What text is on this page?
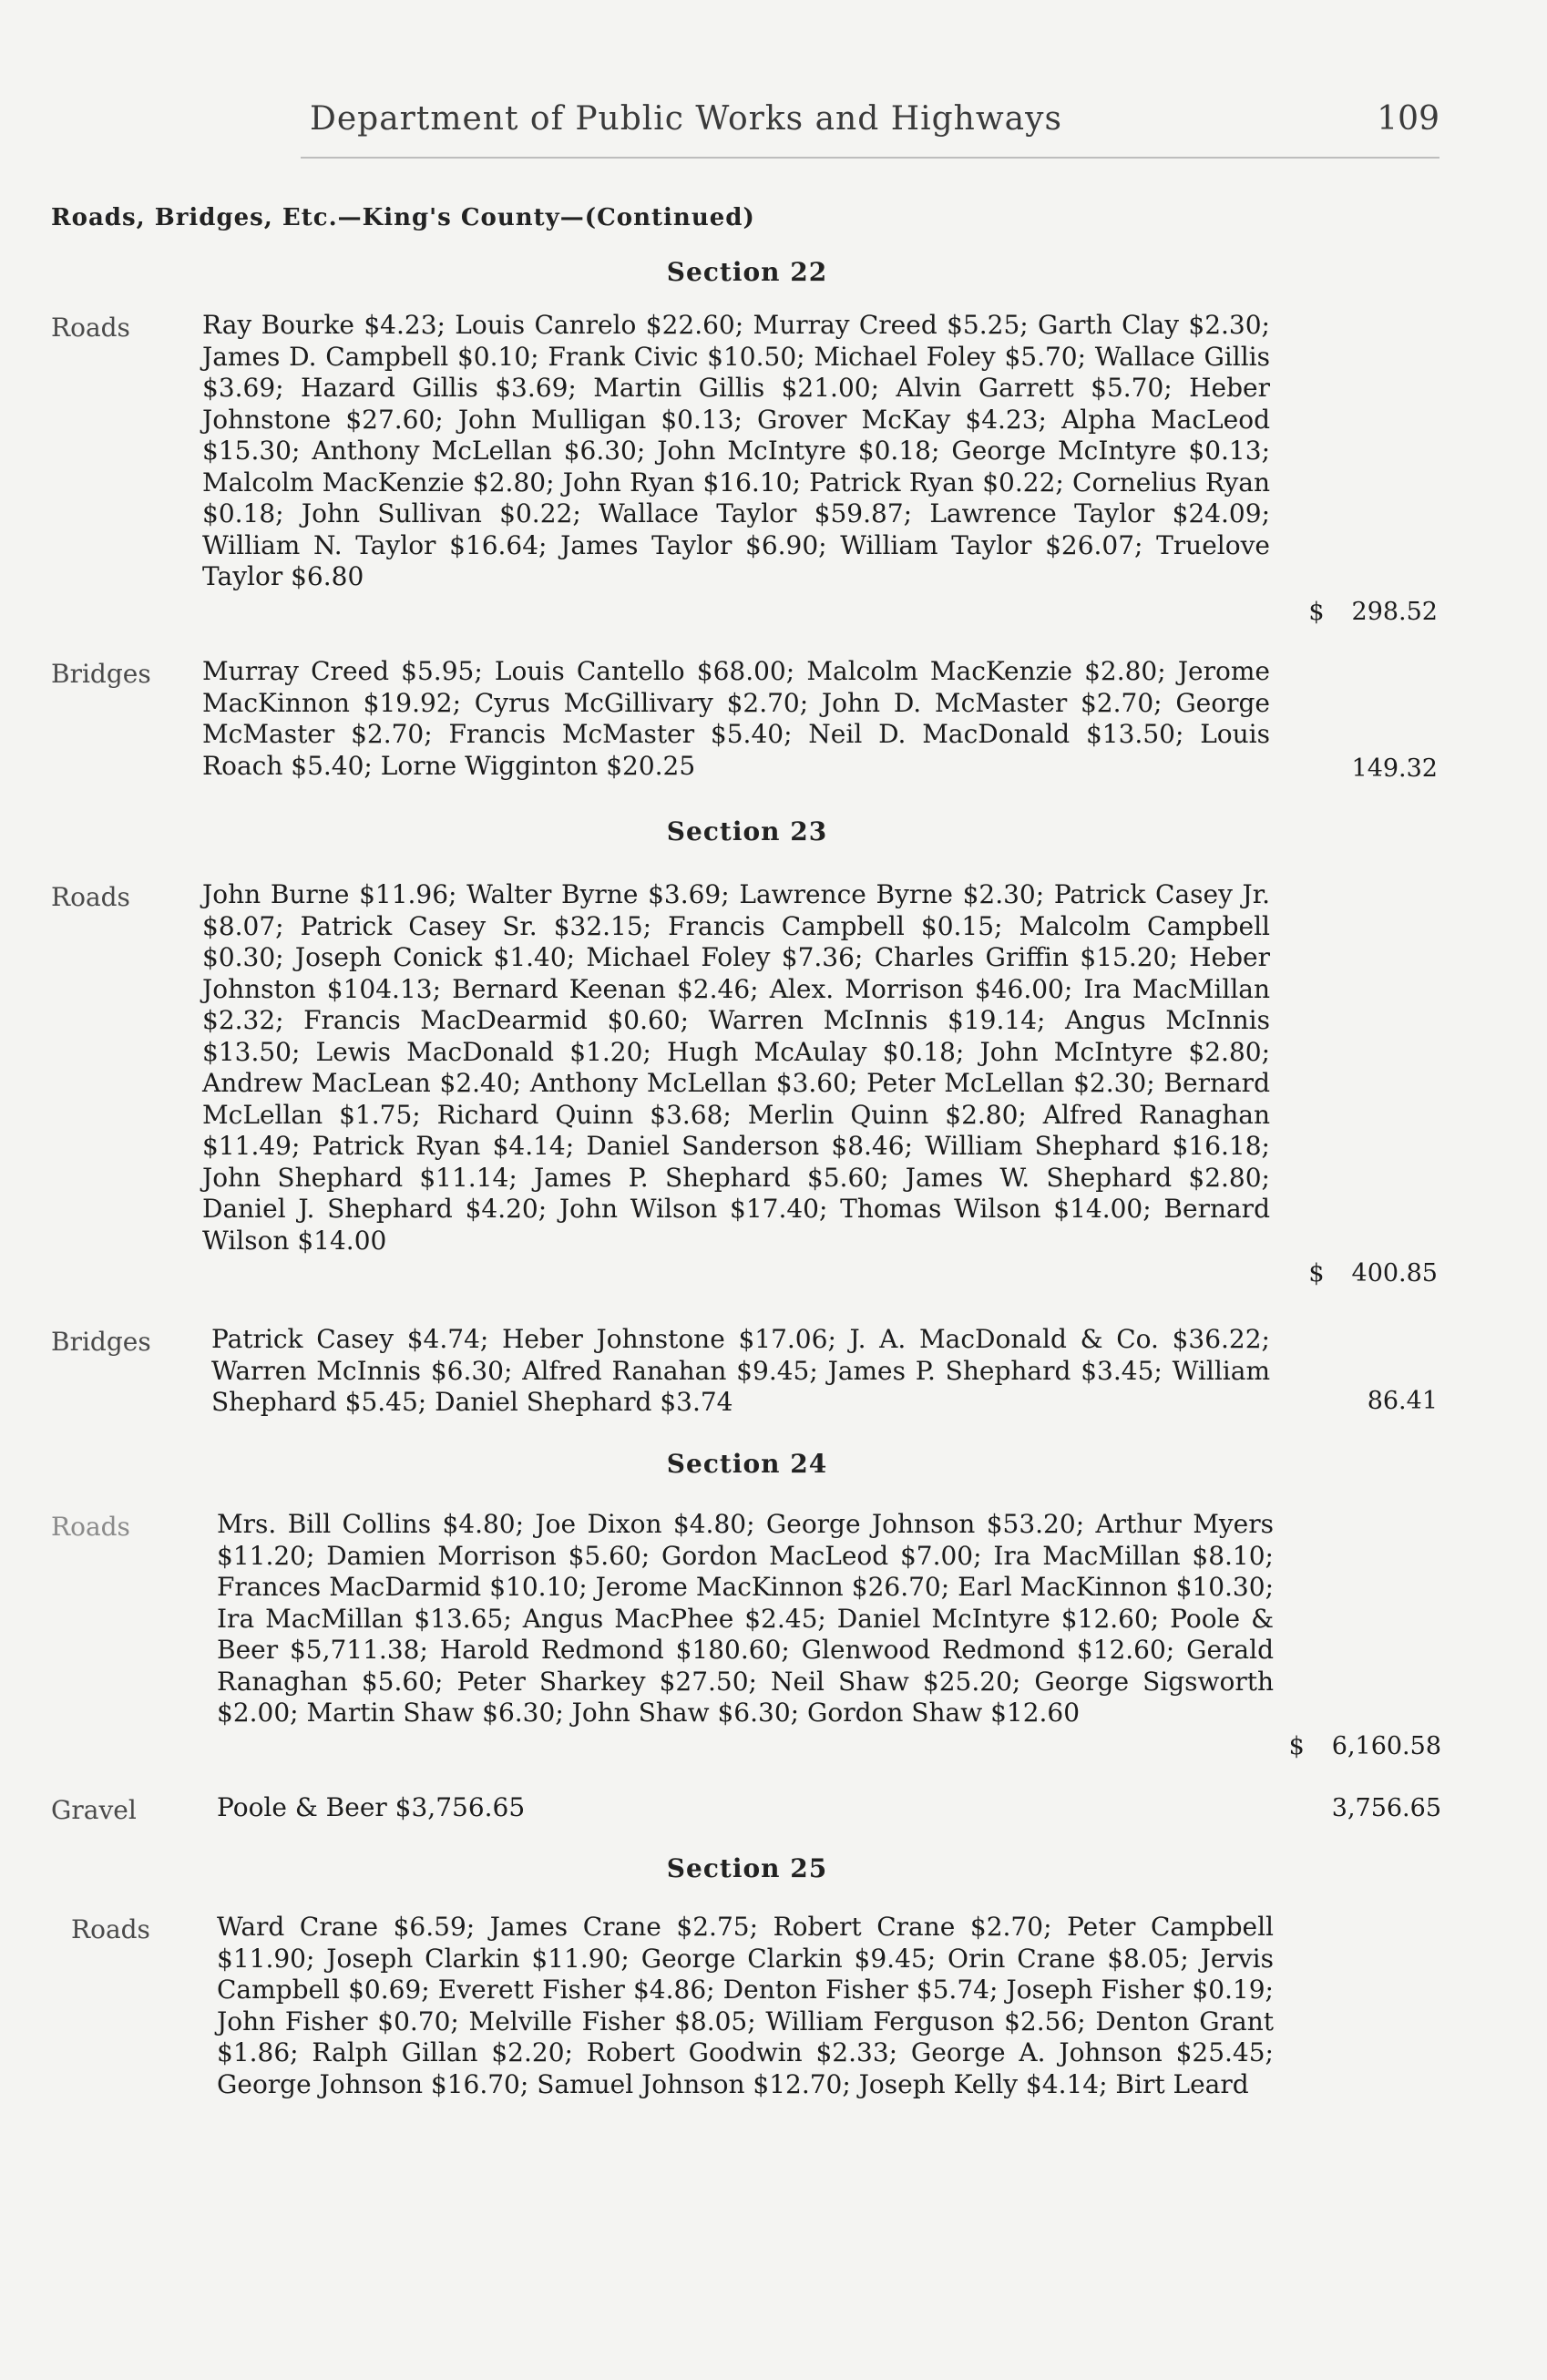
Department of Public Works and Highways	109
Roads, Bridges, Etc.—King's County—(Continued)
Section 22
Roads	Ray Bourke $4.23; Louis Canrelo $22.60; Murray Creed $5.25; Garth Clay $2.30; James D. Campbell $0.10; Frank Civic $10.50; Michael Foley $5.70; Wallace Gillis $3.69; Hazard Gillis $3.69; Martin Gillis $21.00; Alvin Garrett $5.70; Heber Johnstone $27.60; John Mulligan $0.13; Grover McKay $4.23; Alpha MacLeod $15.30; Anthony McLellan $6.30; John McIntyre $0.18; George McIntyre $0.13; Malcolm MacKenzie $2.80; John Ryan $16.10; Patrick Ryan $0.22; Cornelius Ryan $0.18; John Sullivan $0.22; Wallace Taylor $59.87; Lawrence Taylor $24.09; William N. Taylor $16.64; James Taylor $6.90; William Taylor $26.07; Truelove Taylor $6.80
$ 298.52
Bridges Murray Creed $5.95; Louis Cantello $68.00; Malcolm MacKenzie $2.80; Jerome MacKinnon $19.92; Cyrus McGillivary $2.70; John D. McMaster $2.70; George McMaster $2.70; Francis McMaster $5.40; Neil D. MacDonald $13.50; Louis Roach $5.40; Lorne Wigginton $20.25	149.32
Section 23
Roads	John Burne $11.96; Walter Byrne $3.69; Lawrence Byrne $2.30; Patrick Casey Jr. $8.07; Patrick Casey Sr. $32.15; Francis Campbell $0.15; Malcolm Campbell $0.30; Joseph Conick $1.40; Michael Foley $7.36; Charles Griffin $15.20; Heber Johnston $104.13; Bernard Keenan $2.46; Alex. Morrison $46.00; Ira MacMillan $2.32; Francis MacDearmid $0.60; Warren McInnis $19.14; Angus McInnis $13.50; Lewis MacDonald $1.20; Hugh McAulay $0.18; John McIntyre $2.80; Andrew MacLean $2.40; Anthony McLellan $3.60; Peter McLellan $2.30; Bernard McLellan $1.75; Richard Quinn $3.68; Merlin Quinn $2.80; Alfred Ranaghan $11.49; Patrick Ryan $4.14; Daniel Sanderson $8.46; William Shephard $16.18; John Shephard $11.14; James P. Shephard $5.60; James W. Shephard $2.80; Daniel J. Shephard $4.20; John Wilson $17.40; Thomas Wilson $14.00; Bernard Wilson $14.00
$ 400.85
Bridges Patrick Casey $4.74; Heber Johnstone $17.06; J. A. MacDonald & Co. $36.22; Warren McInnis $6.30; Alfred Ranahan $9.45; James P. Shephard $3.45; William Shephard $5.45; Daniel Shephard $3.74	86.41
Section 24
Roads	Mrs. Bill Collins $4.80; Joe Dixon $4.80; George Johnson $53.20; Arthur Myers $11.20; Damien Morrison $5.60; Gordon MacLeod $7.00; Ira MacMillan $8.10; Frances MacDarmid $10.10; Jerome MacKinnon $26.70; Earl MacKinnon $10.30; Ira MacMillan $13.65; Angus MacPhee $2.45; Daniel McIntyre $12.60; Poole & Beer $5,711.38; Harold Redmond $180.60; Glenwood Redmond $12.60; Gerald Ranaghan $5.60; Peter Sharkey $27.50; Neil Shaw $25.20; George Sigsworth $2.00; Martin Shaw $6.30; John Shaw $6.30; Gordon Shaw $12.60
$ 6,160.58
Gravel	Poole & Beer $3,756.65	3,756.65
Section 25
Roads	Ward Crane $6.59; James Crane $2.75; Robert Crane $2.70; Peter Campbell $11.90; Joseph Clarkin $11.90; George Clarkin $9.45; Orin Crane $8.05; Jervis Campbell $0.69; Everett Fisher $4.86; Denton Fisher $5.74; Joseph Fisher $0.19; John Fisher $0.70; Melville Fisher $8.05; William Ferguson $2.56; Denton Grant $1.86; Ralph Gillan $2.20; Robert Goodwin $2.33; George A. Johnson $25.45; George Johnson $16.70; Samuel Johnson $12.70; Joseph Kelly $4.14; Birt Leard
